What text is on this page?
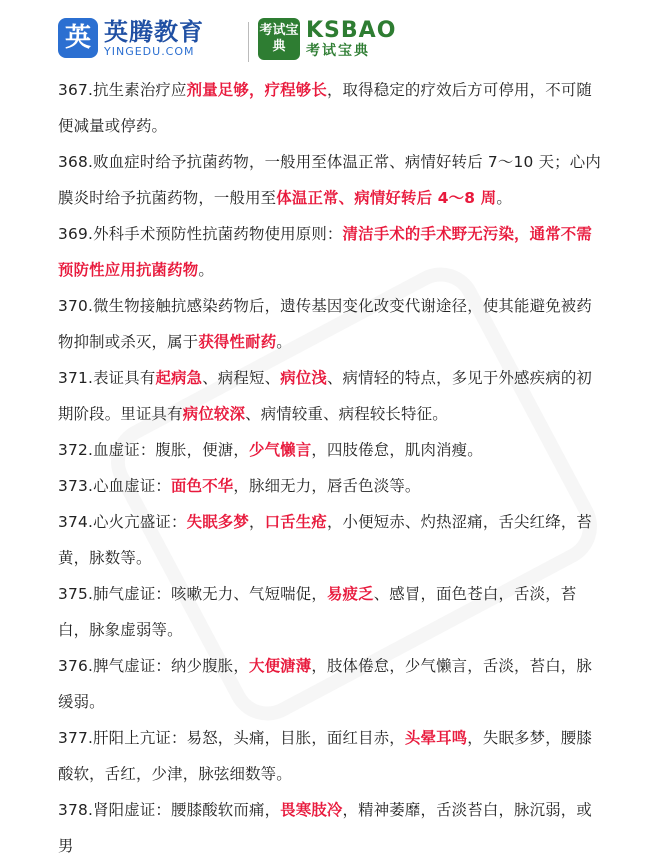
英 英腾教育
YINGEDU.COM
考试宝典
KSBAO
考试宝典

367.抗生素治疗应剂量足够，疗程够长，取得稳定的疗效后方可停用，不可随便减量或停药。

368.败血症时给予抗菌药物，一般用至体温正常、病情好转后 7～10 天；心内膜炎时给予抗菌药物，一般用至体温正常、病情好转后 4～8 周。

369.外科手术预防性抗菌药物使用原则：清洁手术的手术野无污染，通常不需预防性应用抗菌药物。

370.微生物接触抗感染药物后，遗传基因变化改变代谢途径，使其能避免被药物抑制或杀灭，属于获得性耐药。

371.表证具有起病急、病程短、病位浅、病情轻的特点，多见于外感疾病的初期阶段。里证具有病位较深、病情较重、病程较长特征。

372.血虚证：腹胀，便溏，少气懒言，四肢倦怠，肌肉消瘦。

373.心血虚证：面色不华，脉细无力，唇舌色淡等。

374.心火亢盛证：失眠多梦，口舌生疮，小便短赤、灼热涩痛，舌尖红绛，苔黄，脉数等。

375.肺气虚证：咳嗽无力、气短喘促，易疲乏、感冒，面色苍白，舌淡，苔白，脉象虚弱等。

376.脾气虚证：纳少腹胀，大便溏薄，肢体倦怠，少气懒言，舌淡，苔白，脉缓弱。

377.肝阳上亢证：易怒，头痛，目胀，面红目赤，头晕耳鸣，失眠多梦，腰膝酸软，舌红，少津，脉弦细数等。

378.肾阳虚证：腰膝酸软而痛，畏寒肢冷，精神萎靡，舌淡苔白，脉沉弱，或男
